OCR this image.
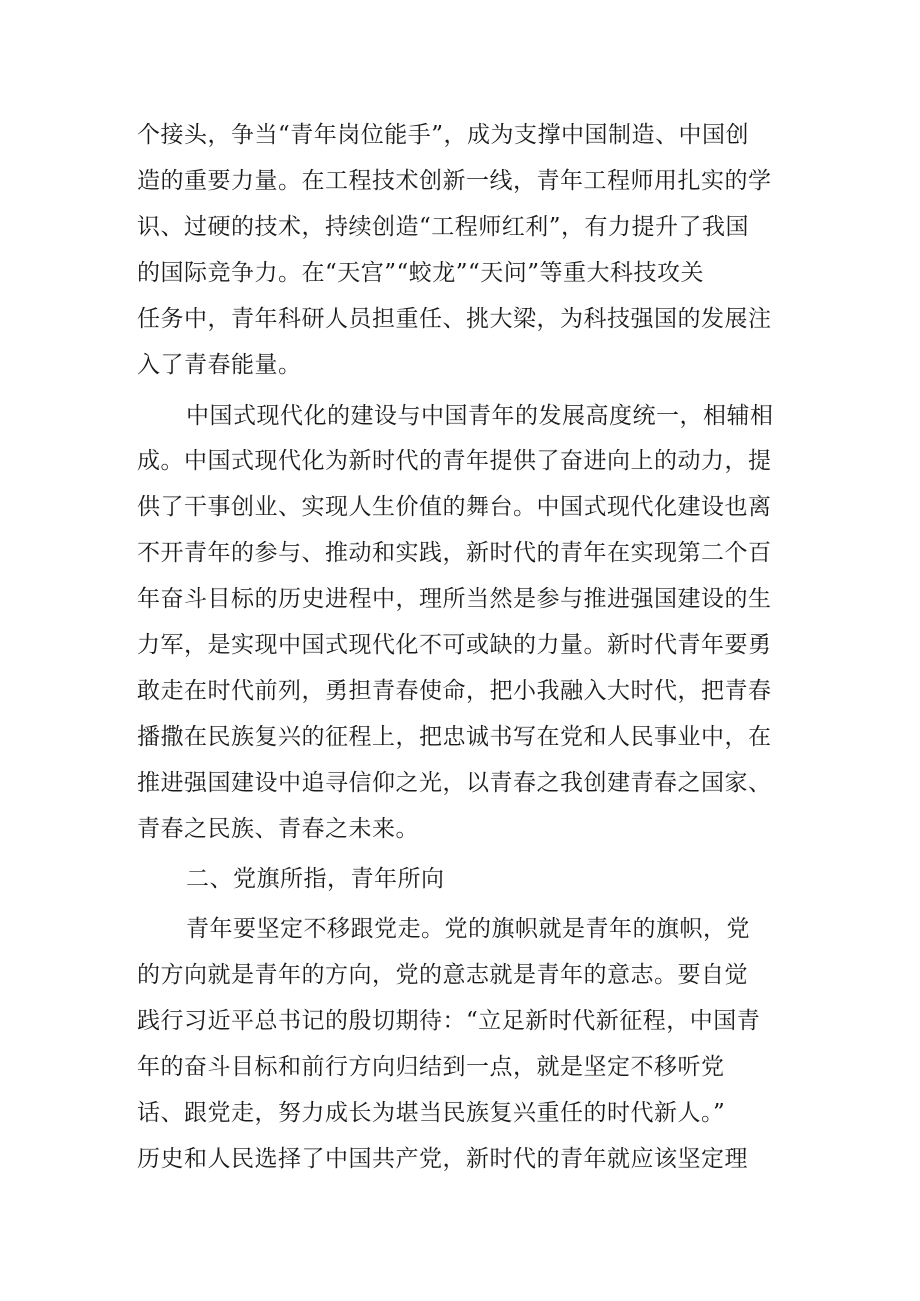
个接头，争当“青年岗位能手”，成为支撑中国制造、中国创
造的重要力量。在工程技术创新一线，青年工程师用扎实的学
识、过硬的技术，持续创造“工程师红利”，有力提升了我国
的国际竞争力。在“天宫”“蛟龙”“天问”等重大科技攻关
任务中，青年科研人员担重任、挑大梁，为科技强国的发展注
入了青春能量。
中国式现代化的建设与中国青年的发展高度统一，相辅相
成。中国式现代化为新时代的青年提供了奋进向上的动力，提
供了干事创业、实现人生价值的舞台。中国式现代化建设也离
不开青年的参与、推动和实践，新时代的青年在实现第二个百
年奋斗目标的历史进程中，理所当然是参与推进强国建设的生
力军，是实现中国式现代化不可或缺的力量。新时代青年要勇
敢走在时代前列，勇担青春使命，把小我融入大时代，把青春
播撒在民族复兴的征程上，把忠诚书写在党和人民事业中，在
推进强国建设中追寻信仰之光，以青春之我创建青春之国家、
青春之民族、青春之未来。
二、党旗所指，青年所向
青年要坚定不移跟党走。党的旗帜就是青年的旗帜，党
的方向就是青年的方向，党的意志就是青年的意志。要自觉
践行习近平总书记的殷切期待：“立足新时代新征程，中国青
年的奋斗目标和前行方向归结到一点，就是坚定不移听党
话、跟党走，努力成长为堪当民族复兴重任的时代新人。”
历史和人民选择了中国共产党，新时代的青年就应该坚定理
